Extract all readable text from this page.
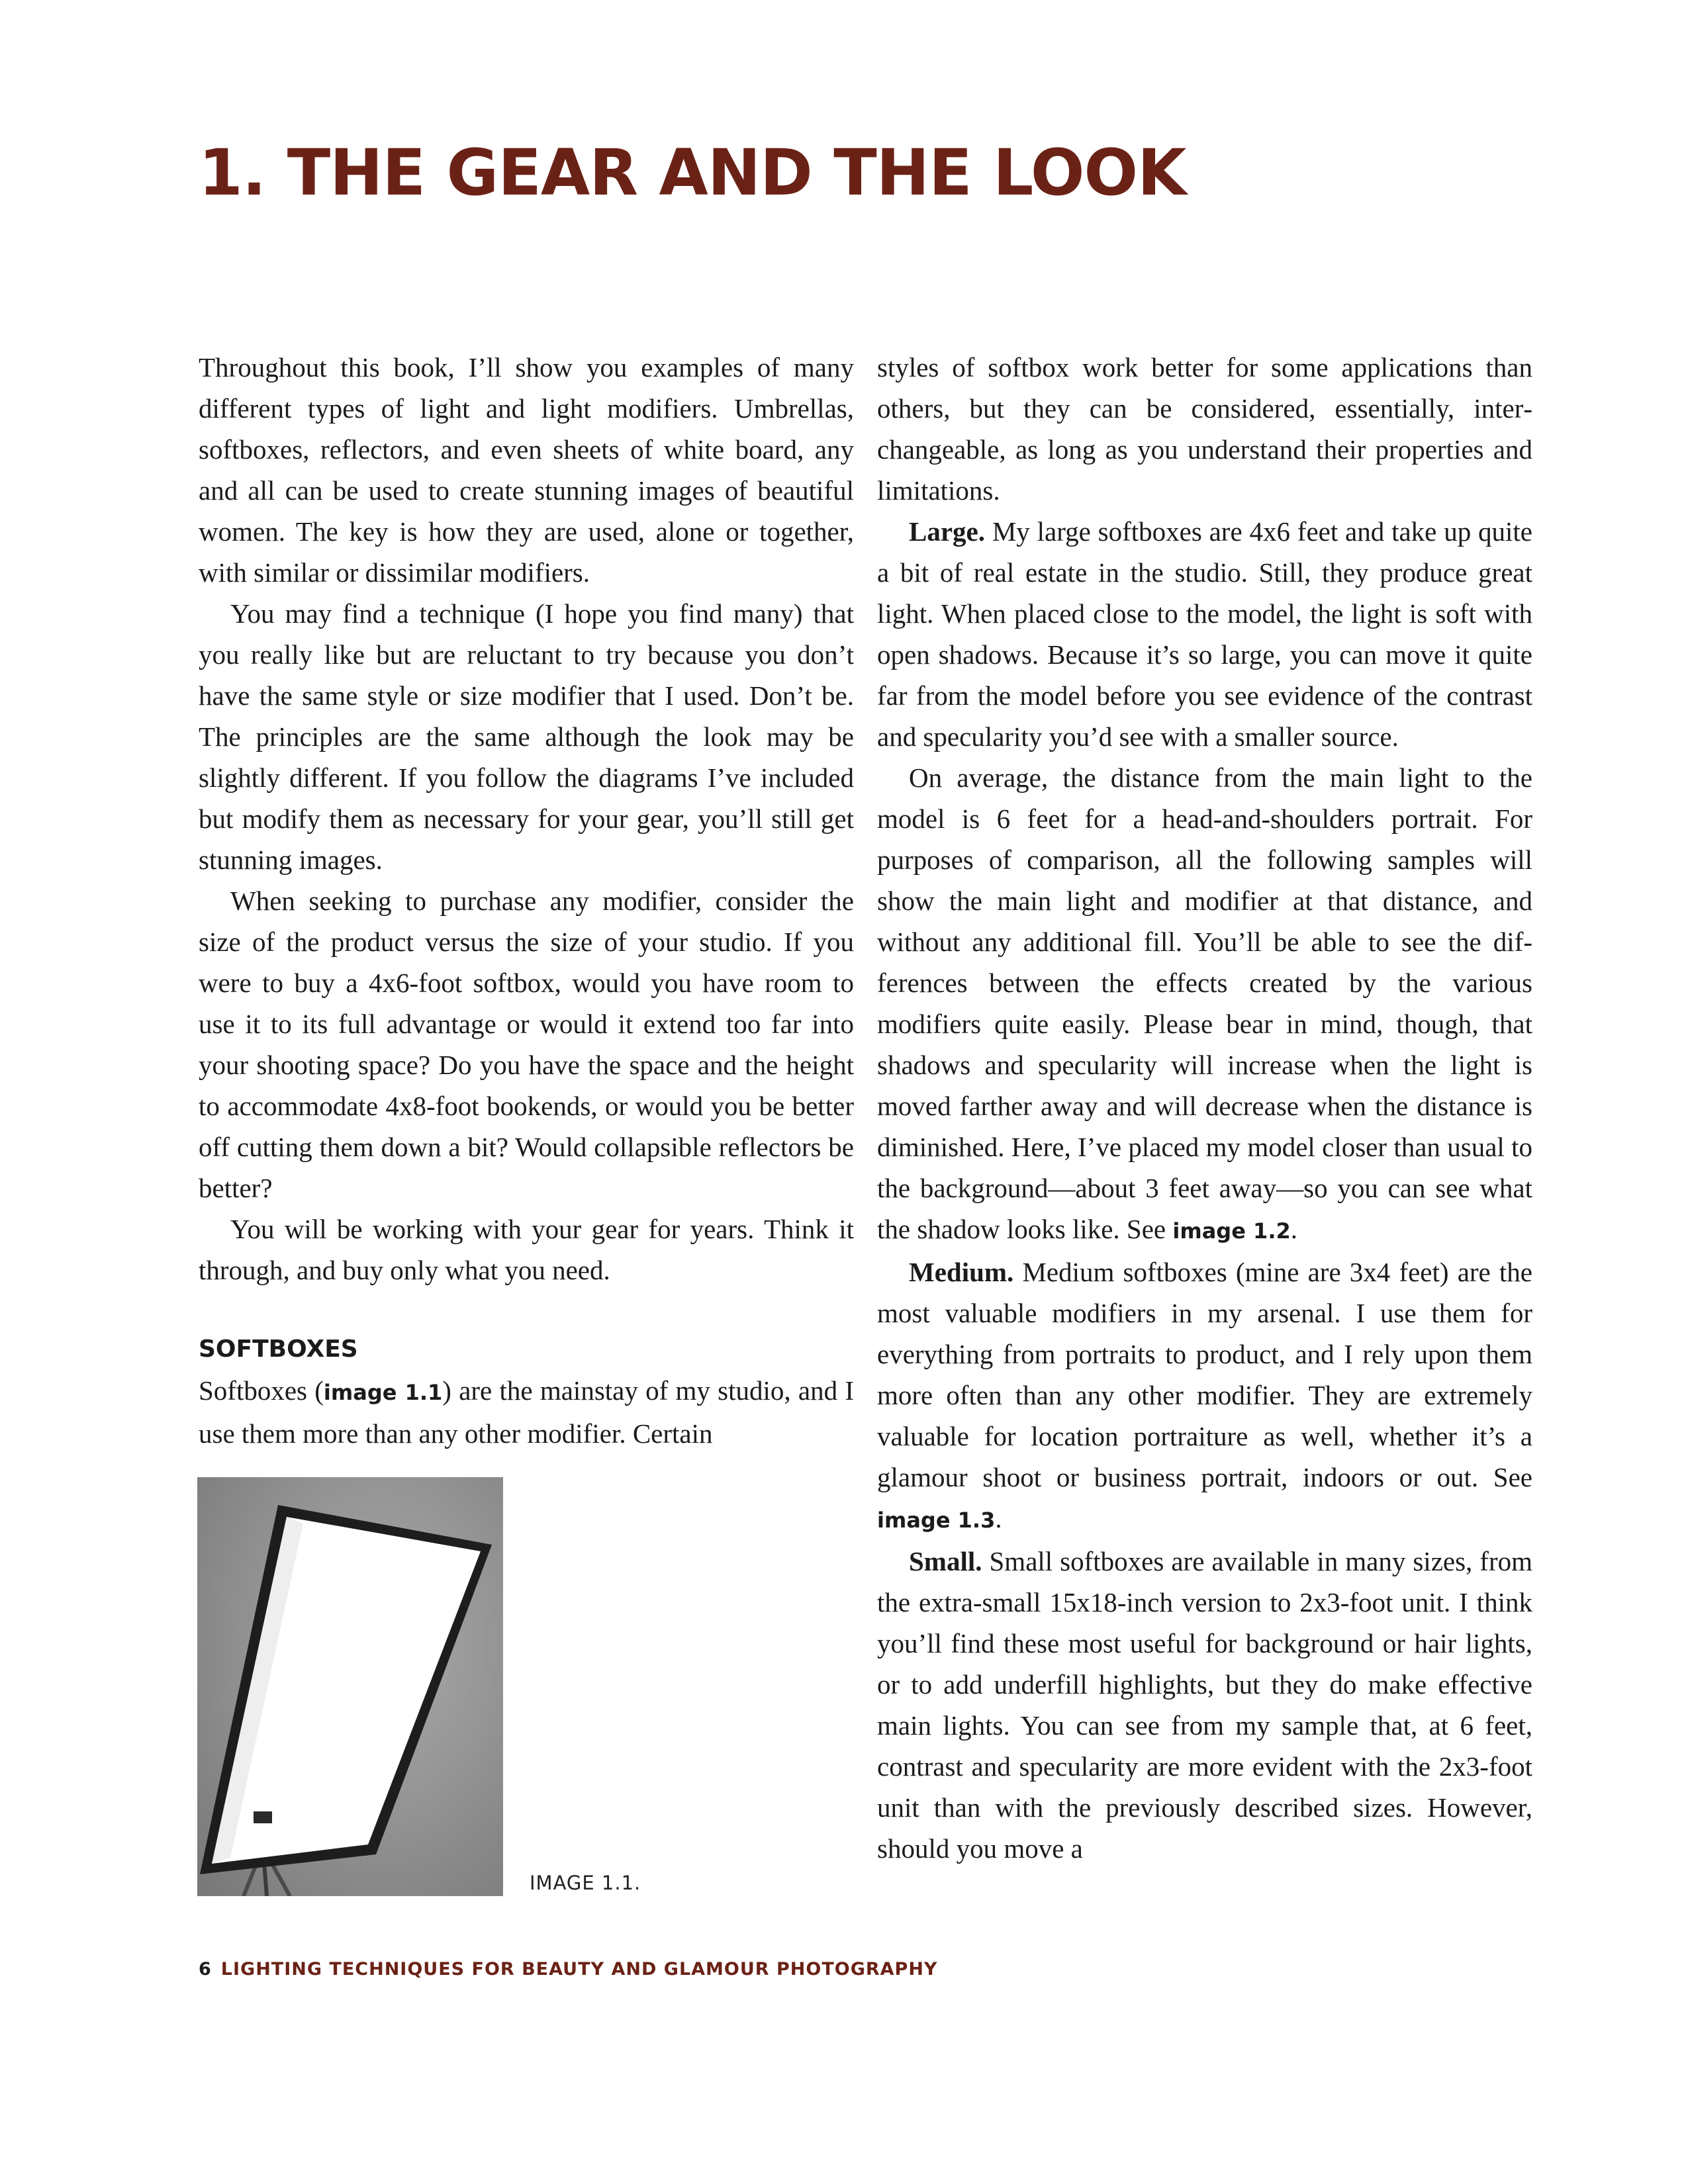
1. THE GEAR AND THE LOOK

Throughout this book, I’ll show you examples of many different types of light and light modifiers. Umbrellas, softboxes, reflectors, and even sheets of white board, any and all can be used to create stunning images of beautiful women. The key is how they are used, alone or together, with similar or dissimilar modifiers.

You may find a technique (I hope you find many) that you really like but are reluctant to try because you don’t have the same style or size modifier that I used. Don’t be. The principles are the same although the look may be slightly different. If you follow the diagrams I’ve included but modify them as necessary for your gear, you’ll still get stunning images.

When seeking to purchase any modifier, consider the size of the product versus the size of your studio. If you were to buy a 4x6-foot softbox, would you have room to use it to its full advantage or would it extend too far into your shooting space? Do you have the space and the height to accommodate 4x8-foot bookends, or would you be better off cutting them down a bit? Would collapsible reflectors be better?

You will be working with your gear for years. Think it through, and buy only what you need.

SOFTBOXES

Softboxes (image 1.1) are the mainstay of my studio, and I use them more than any other modifier. Certain

styles of softbox work better for some applications than others, but they can be considered, essentially, interchangeable, as long as you understand their properties and limitations.

Large. My large softboxes are 4x6 feet and take up quite a bit of real estate in the studio. Still, they produce great light. When placed close to the model, the light is soft with open shadows. Because it’s so large, you can move it quite far from the model before you see evidence of the contrast and specularity you’d see with a smaller source.

On average, the distance from the main light to the model is 6 feet for a head-and-shoulders portrait. For purposes of comparison, all the following samples will show the main light and modifier at that distance, and without any additional fill. You’ll be able to see the differences between the effects created by the various modifiers quite easily. Please bear in mind, though, that shadows and specularity will increase when the light is moved farther away and will decrease when the distance is diminished. Here, I’ve placed my model closer than usual to the background—about 3 feet away—so you can see what the shadow looks like. See image 1.2.

Medium. Medium softboxes (mine are 3x4 feet) are the most valuable modifiers in my arsenal. I use them for everything from portraits to product, and I rely upon them more often than any other modifier. They are extremely valuable for location portraiture as well, whether it’s a glamour shoot or business portrait, indoors or out. See image 1.3.

Small. Small softboxes are available in many sizes, from the extra-small 15x18-inch version to 2x3-foot unit. I think you’ll find these most useful for background or hair lights, or to add underfill highlights, but they do make effective main lights. You can see from my sample that, at 6 feet, contrast and specularity are more evident with the 2x3-foot unit than with the previously described sizes. However, should you move a

IMAGE 1.1.

6 LIGHTING TECHNIQUES FOR BEAUTY AND GLAMOUR PHOTOGRAPHY
